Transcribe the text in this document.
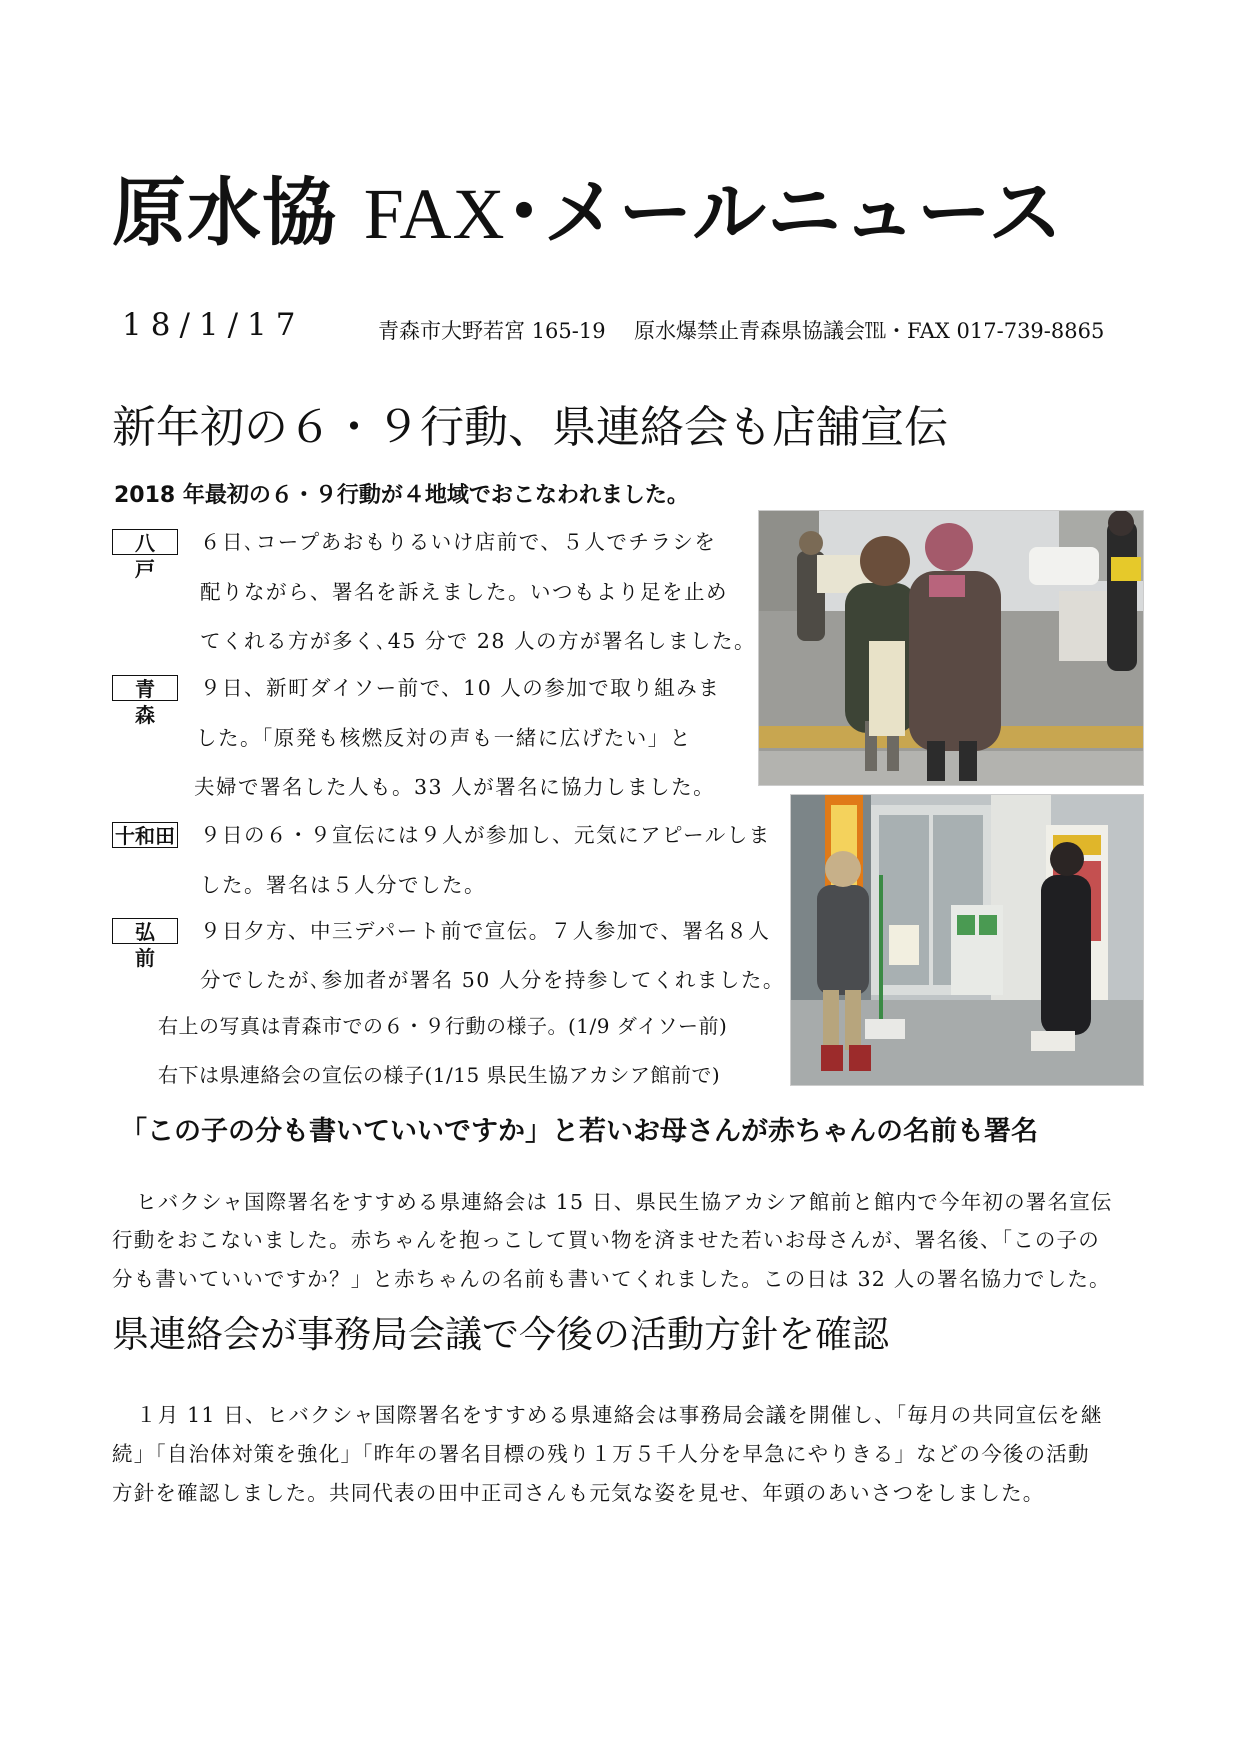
原水協 FAX･メールニュース
18/1/17	青森市大野若宮 165-19 原水爆禁止青森県協議会℡・FAX 017-739-8865
新年初の６・９行動、県連絡会も店舗宣伝
2018 年最初の６・９行動が４地域でおこなわれました。
八　戸
６日､コープあおもりるいけ店前で、５人でチラシを
配りながら、署名を訴えました。いつもより足を止め
てくれる方が多く､45 分で 28 人の方が署名しました。
青　森
９日、新町ダイソー前で、10 人の参加で取り組みま
した。「原発も核燃反対の声も一緒に広げたい」と
夫婦で署名した人も。33 人が署名に協力しました。
十和田 ９日の６・９宣伝には９人が参加し、元気にアピールしま
した。署名は５人分でした。
弘　前
９日夕方、中三デパート前で宣伝。７人参加で、署名８人
分でしたが､参加者が署名 50 人分を持参してくれました。
右上の写真は青森市での６・９行動の様子。(1/9 ダイソー前)
右下は県連絡会の宣伝の様子(1/15 県民生協アカシア館前で)
「この子の分も書いていいですか」と若いお母さんが赤ちゃんの名前も署名
ヒバクシャ国際署名をすすめる県連絡会は 15 日、県民生協アカシア館前と館内で今年初の署名宣伝
行動をおこないました。赤ちゃんを抱っこして買い物を済ませた若いお母さんが、署名後、「この子の
分も書いていいですか？」と赤ちゃんの名前も書いてくれました。この日は 32 人の署名協力でした。
県連絡会が事務局会議で今後の活動方針を確認
１月 11 日、ヒバクシャ国際署名をすすめる県連絡会は事務局会議を開催し、「毎月の共同宣伝を継
続」「自治体対策を強化」「昨年の署名目標の残り１万５千人分を早急にやりきる」などの今後の活動
方針を確認しました。共同代表の田中正司さんも元気な姿を見せ、年頭のあいさつをしました。
